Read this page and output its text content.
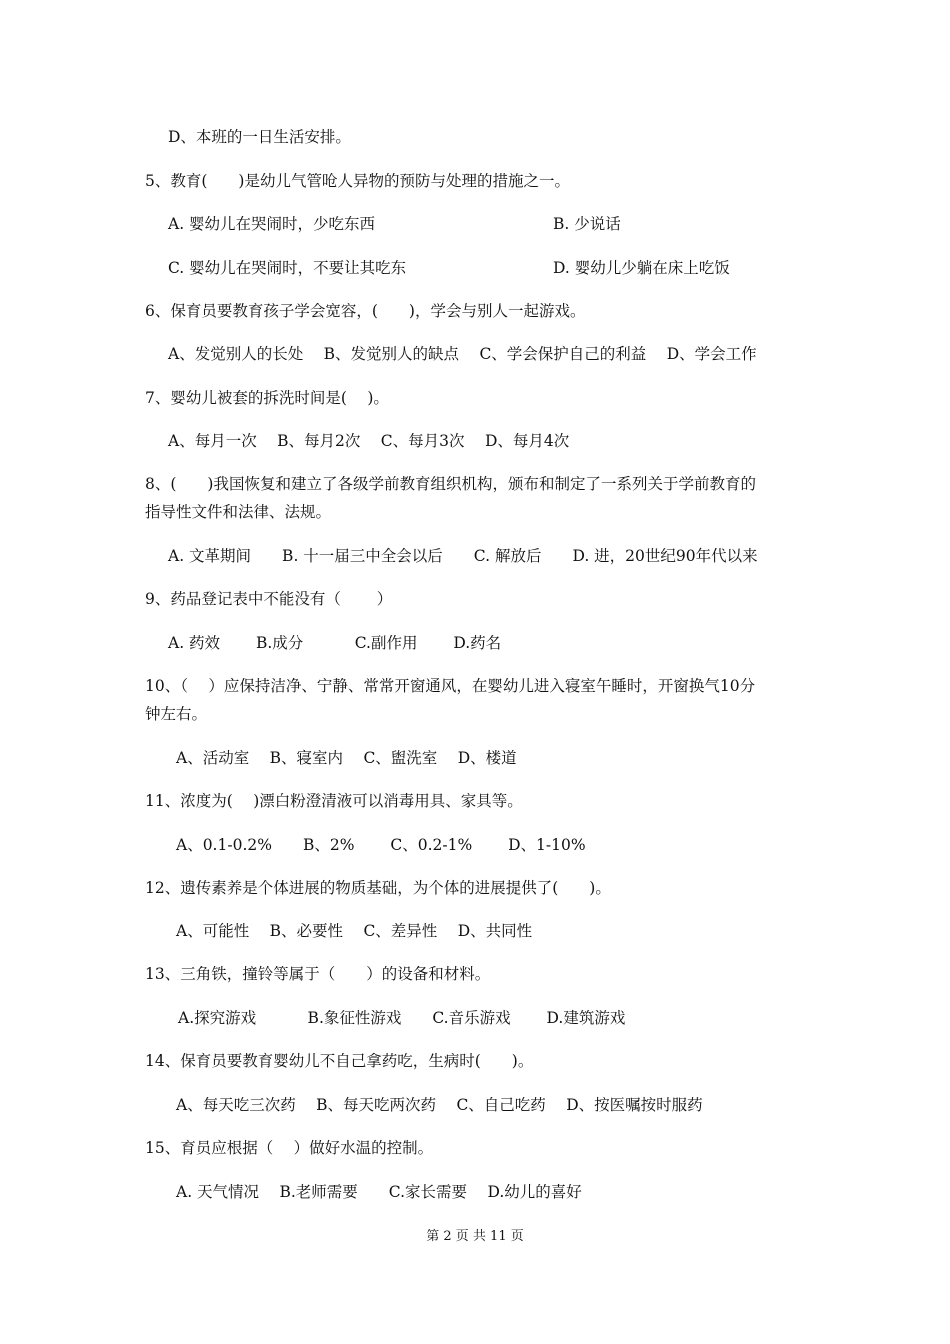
D、本班的一日生活安排。
5、教育(　　)是幼儿气管呛人异物的预防与处理的措施之一。
A. 婴幼儿在哭闹时，少吃东西	B. 少说话
C. 婴幼儿在哭闹时，不要让其吃东	D. 婴幼儿少躺在床上吃饭
6、保育员要教育孩子学会宽容，(　　)，学会与别人一起游戏。
A、发觉别人的长处　 B、发觉别人的缺点　 C、学会保护自己的利益　 D、学会工作
7、婴幼儿被套的拆洗时间是(　 )。
A、每月一次　 B、每月2次　 C、每月3次　 D、每月4次
8、(　　)我国恢复和建立了各级学前教育组织机构，颁布和制定了一系列关于学前教育的
指导性文件和法律、法规。
A. 文革期间　　B. 十一届三中全会以后　　C. 解放后　　D. 进，20世纪90年代以来
9、药品登记表中不能没有（　　 ）
A. 药效　　 B.成分　　　 C.副作用　　 D.药名
10、（　 ）应保持洁净、宁静、常常开窗通风，在婴幼儿进入寝室午睡时，开窗换气10分
钟左右。
A、活动室　 B、寝室内　 C、盥洗室　 D、楼道
11、浓度为(　 )漂白粉澄清液可以消毒用具、家具等。
A、0.1-0.2%　　B、2%　　 C、0.2-1%　　 D、1-10%
12、遗传素养是个体进展的物质基础，为个体的进展提供了(　　)。
A、可能性　 B、必要性　 C、差异性　 D、共同性
13、三角铁，撞铃等属于（　　）的设备和材料。
A.探究游戏　　　 B.象征性游戏　　C.音乐游戏　　 D.建筑游戏
14、保育员要教育婴幼儿不自己拿药吃，生病时(　　)。
A、每天吃三次药　 B、每天吃两次药　 C、自己吃药　 D、按医嘱按时服药
15、育员应根据（　 ）做好水温的控制。
A. 天气情况　 B.老师需要　　C.家长需要　 D.幼儿的喜好
第 2 页 共 11 页
